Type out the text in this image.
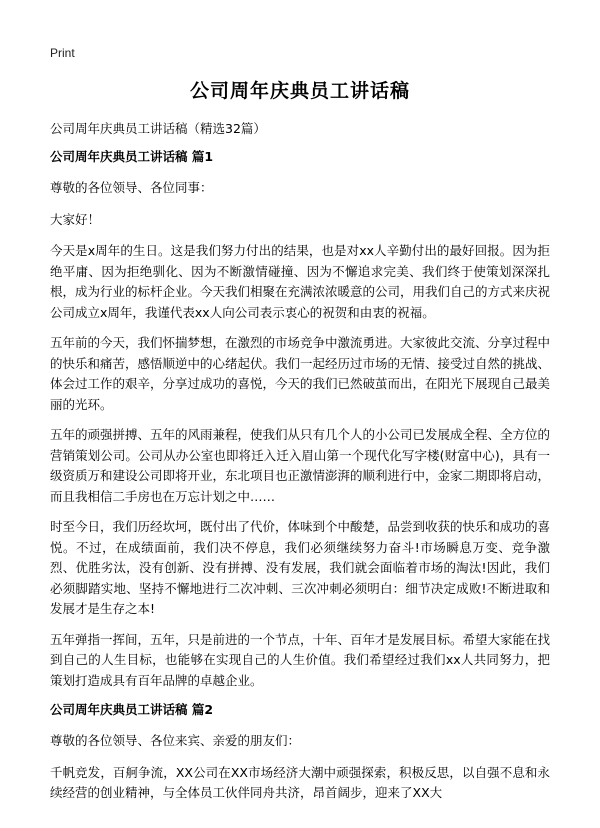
Print
公司周年庆典员工讲话稿
公司周年庆典员工讲话稿（精选32篇）
公司周年庆典员工讲话稿 篇1

尊敬的各位领导、各位同事：

大家好！

今天是x周年的生日。这是我们努力付出的结果，也是对xx人辛勤付出的最好回报。因为拒绝平庸、因为拒绝驯化、因为不断激情碰撞、因为不懈追求完美、我们终于使策划深深扎根，成为行业的标杆企业。今天我们相聚在充满浓浓暖意的公司，用我们自己的方式来庆祝公司成立x周年，我谨代表xx人向公司表示衷心的祝贺和由衷的祝福。

五年前的今天，我们怀揣梦想，在激烈的市场竞争中激流勇进。大家彼此交流、分享过程中的快乐和痛苦，感悟顺逆中的心绪起伏。我们一起经历过市场的无情、接受过自然的挑战、体会过工作的艰辛，分享过成功的喜悦，今天的我们已然破茧而出，在阳光下展现自己最美丽的光环。

五年的顽强拼搏、五年的风雨兼程，使我们从只有几个人的小公司已发展成全程、全方位的营销策划公司。公司从办公室也即将迁入迁入眉山第一个现代化写字楼(财富中心)，具有一级资质万和建设公司即将开业，东北项目也正激情澎湃的顺利进行中，金家二期即将启动，而且我相信二手房也在万忘计划之中……

时至今日，我们历经坎坷，既付出了代价，体味到个中酸楚，品尝到收获的快乐和成功的喜悦。不过，在成绩面前，我们决不停息，我们必须继续努力奋斗!市场瞬息万变、竞争激烈、优胜劣汰，没有创新、没有拼搏、没有发展，我们就会面临着市场的淘汰!因此，我们必须脚踏实地、坚持不懈地进行二次冲刺、三次冲刺必须明白：细节决定成败!不断进取和发展才是生存之本!

五年弹指一挥间，五年，只是前进的一个节点，十年、百年才是发展目标。希望大家能在找到自己的人生目标，也能够在实现自己的人生价值。我们希望经过我们xx人共同努力，把策划打造成具有百年品牌的卓越企业。

公司周年庆典员工讲话稿 篇2

尊敬的各位领导、各位来宾、亲爱的朋友们：

千帆竞发，百舸争流，XX公司在XX市场经济大潮中顽强探索，积极反思，以自强不息和永续经营的创业精神，与全体员工伙伴同舟共济，昂首阔步，迎来了XX大
